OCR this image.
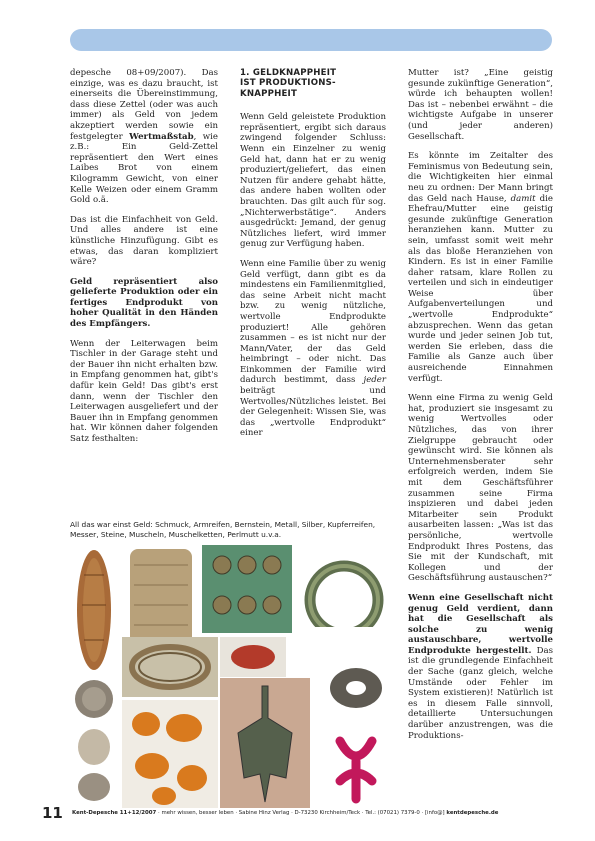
depesche 08+09/2007). Das einzige, was es dazu braucht, ist einerseits die Übereinstimmung, dass diese Zettel (oder was auch immer) als Geld von jedem akzeptiert werden sowie ein festgelegter Wertmaßstab, wie z.B.: Ein Geld-Zettel repräsentiert den Wert eines Laibes Brot von einem Kilogramm Gewicht, von einer Kelle Weizen oder einem Gramm Gold o.ä.

Das ist die Einfachheit von Geld. Und alles andere ist eine künstliche Hinzufügung. Gibt es etwas, das daran kompliziert wäre?

Geld repräsentiert also gelieferte Produktion oder ein fertiges Endprodukt von hoher Qualität in den Händen des Empfängers.

Wenn der Leiterwagen beim Tischler in der Garage steht und der Bauer ihn nicht erhalten bzw. in Empfang genommen hat, gibt's dafür kein Geld! Das gibt's erst dann, wenn der Tischler den Leiterwagen ausgeliefert und der Bauer ihn in Empfang genommen hat. Wir können daher folgenden Satz festhalten:

1. GELDKNAPPHEIT
IST PRODUKTIONS-
KNAPPHEIT

Wenn Geld geleistete Produktion repräsentiert, ergibt sich daraus zwingend folgender Schluss: Wenn ein Einzelner zu wenig Geld hat, dann hat er zu wenig produziert/geliefert, das einen Nutzen für andere gehabt hätte, das andere haben wollten oder brauchten. Das gilt auch für sog. „Nichterwerbstätige“. Anders ausgedrückt: Jemand, der genug Nützliches liefert, wird immer genug zur Verfügung haben.

Wenn eine Familie über zu wenig Geld verfügt, dann gibt es da mindestens ein Familienmitglied, das seine Arbeit nicht macht bzw. zu wenig nützliche, wertvolle Endprodukte produziert! Alle gehören zusammen – es ist nicht nur der Mann/Vater, der das Geld heimbringt – oder nicht. Das Einkommen der Familie wird dadurch bestimmt, dass jeder beiträgt und Wertvolles/Nützliches leistet. Bei der Gelegenheit: Wissen Sie, was das „wertvolle Endprodukt“ einer

Mutter ist? „Eine geistig gesunde zukünftige Generation“, würde ich behaupten wollen! Das ist – nebenbei erwähnt – die wichtigste Aufgabe in unserer (und jeder anderen) Gesellschaft.

Es könnte im Zeitalter des Feminismus von Bedeutung sein, die Wichtigkeiten hier einmal neu zu ordnen: Der Mann bringt das Geld nach Hause, damit die Ehefrau/Mutter eine geistig gesunde zukünftige Generation heranziehen kann. Mutter zu sein, umfasst somit weit mehr als das bloße Heranziehen von Kindern. Es ist in einer Familie daher ratsam, klare Rollen zu verteilen und sich in eindeutiger Weise über Aufgabenverteilungen und „wertvolle Endprodukte“ abzusprechen. Wenn das getan wurde und jeder seinen Job tut, werden Sie erleben, dass die Familie als Ganze auch über ausreichende Einnahmen verfügt.

Wenn eine Firma zu wenig Geld hat, produziert sie insgesamt zu wenig Wertvolles oder Nützliches, das von ihrer Zielgruppe gebraucht oder gewünscht wird. Sie können als Unternehmensberater sehr erfolgreich werden, indem Sie mit dem Geschäftsführer zusammen seine Firma inspizieren und dabei jeden Mitarbeiter sein Produkt ausarbeiten lassen: „Was ist das persönliche, wertvolle Endprodukt Ihres Postens, das Sie mit der Kundschaft, mit Kollegen und der Geschäftsführung austauschen?“

Wenn eine Gesellschaft nicht genug Geld verdient, dann hat die Gesellschaft als solche zu wenig austauschbare, wertvolle Endprodukte hergestellt. Das ist die grundlegende Einfachheit der Sache (ganz gleich, welche Umstände oder Fehler im System existieren)! Natürlich ist es in diesem Falle sinnvoll, detaillierte Untersuchungen darüber anzustrengen, was die Produktions-

All das war einst Geld: Schmuck, Armreifen, Bernstein, Metall, Silber, Kupferreifen, Messer, Steine, Muscheln, Muschelketten, Perlmutt u.v.a.
11 Kent-Depesche 11+12/2007 · mehr wissen, besser leben · Sabine Hinz Verlag · D-73230 Kirchheim/Teck · Tel.: (07021) 7379-0 · [info@] kentdepesche.de
